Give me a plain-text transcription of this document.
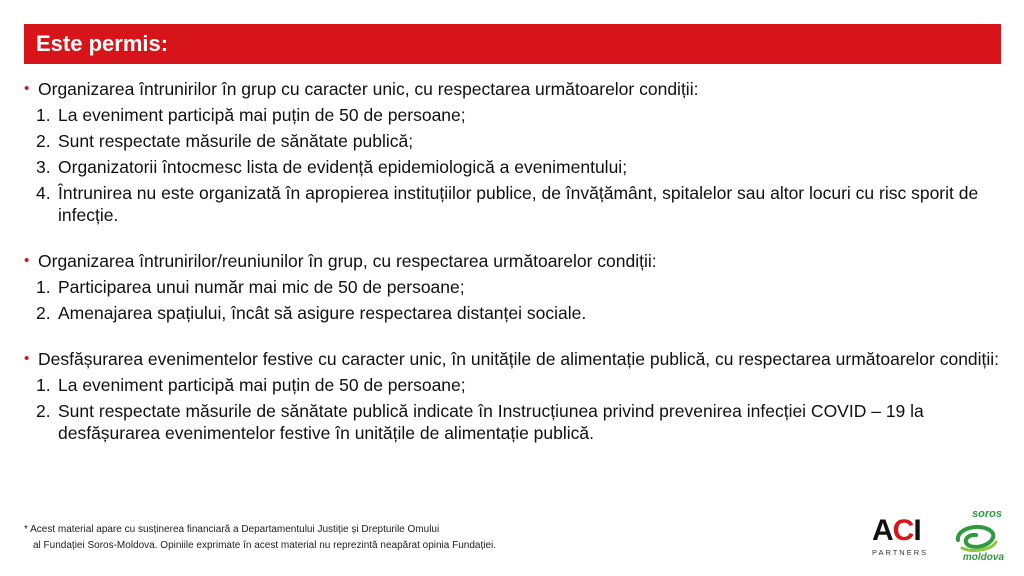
Este permis:
• Organizarea întrunirilor în grup cu caracter unic, cu respectarea următoarelor condiții:
1. La eveniment participă mai puțin de 50 de persoane;
2. Sunt respectate măsurile de sănătate publică;
3. Organizatorii întocmesc lista de evidență epidemiologică a evenimentului;
4. Întrunirea nu este organizată în apropierea instituțiilor publice, de învățământ, spitalelor sau altor locuri cu risc sporit de infecție.
• Organizarea întrunirilor/reuniunilor în grup, cu respectarea următoarelor condiții:
1. Participarea unui număr mai mic de 50 de persoane;
2. Amenajarea spațiului, încât să asigure respectarea distanței sociale.
• Desfășurarea evenimentelor festive cu caracter unic, în unitățile de alimentație publică, cu respectarea următoarelor condiții:
1. La eveniment participă mai puțin de 50 de persoane;
2. Sunt respectate măsurile de sănătate publică indicate în Instrucțiunea privind prevenirea infecției COVID – 19 la desfășurarea evenimentelor festive în unitățile de alimentație publică.
* Acest material apare cu susținerea financiară a Departamentului Justiție și Drepturile Omului
al Fundației Soros-Moldova. Opiniile exprimate în acest material nu reprezintă neapărat opinia Fundației.	ACI
PARTNERS
soros
moldova
